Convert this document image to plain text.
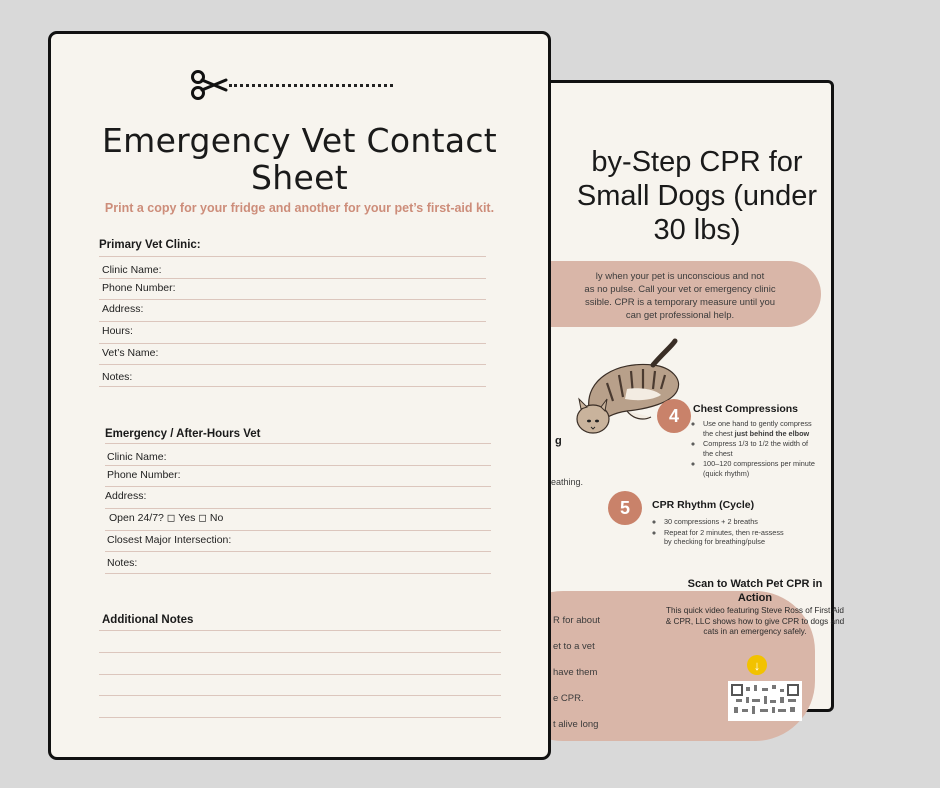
by-Step CPR for
Small Dogs (under
30 lbs)
ly when your pet is unconscious and not
as no pulse. Call your vet or emergency clinic
ssible. CPR is a temporary measure until you
can get professional help.
g
eathing.
4	Chest Compressions
◦ Use one hand to gently compress the chest just behind the elbow
◦ Compress 1/3 to 1/2 the width of the chest
◦ 100–120 compressions per minute (quick rhythm)
5	CPR Rhythm (Cycle)
◦ 30 compressions + 2 breaths
◦ Repeat for 2 minutes, then re-assess by checking for breathing/pulse
R for about
et to a vet
have them
e CPR.
t alive long
Scan to Watch Pet CPR in Action
This quick video featuring Steve Ross of First Aid & CPR, LLC shows how to give CPR to dogs and cats in an emergency safely.
↓
Emergency Vet Contact Sheet
Print a copy for your fridge and another for your pet’s first-aid kit.
Primary Vet Clinic:
Clinic Name:
Phone Number:
Address:
Hours:
Vet’s Name:
Notes:
Emergency / After-Hours Vet
Clinic Name:
Phone Number:
Address:
Open 24/7? ◻ Yes ◻ No
Closest Major Intersection:
Notes:
Additional Notes
